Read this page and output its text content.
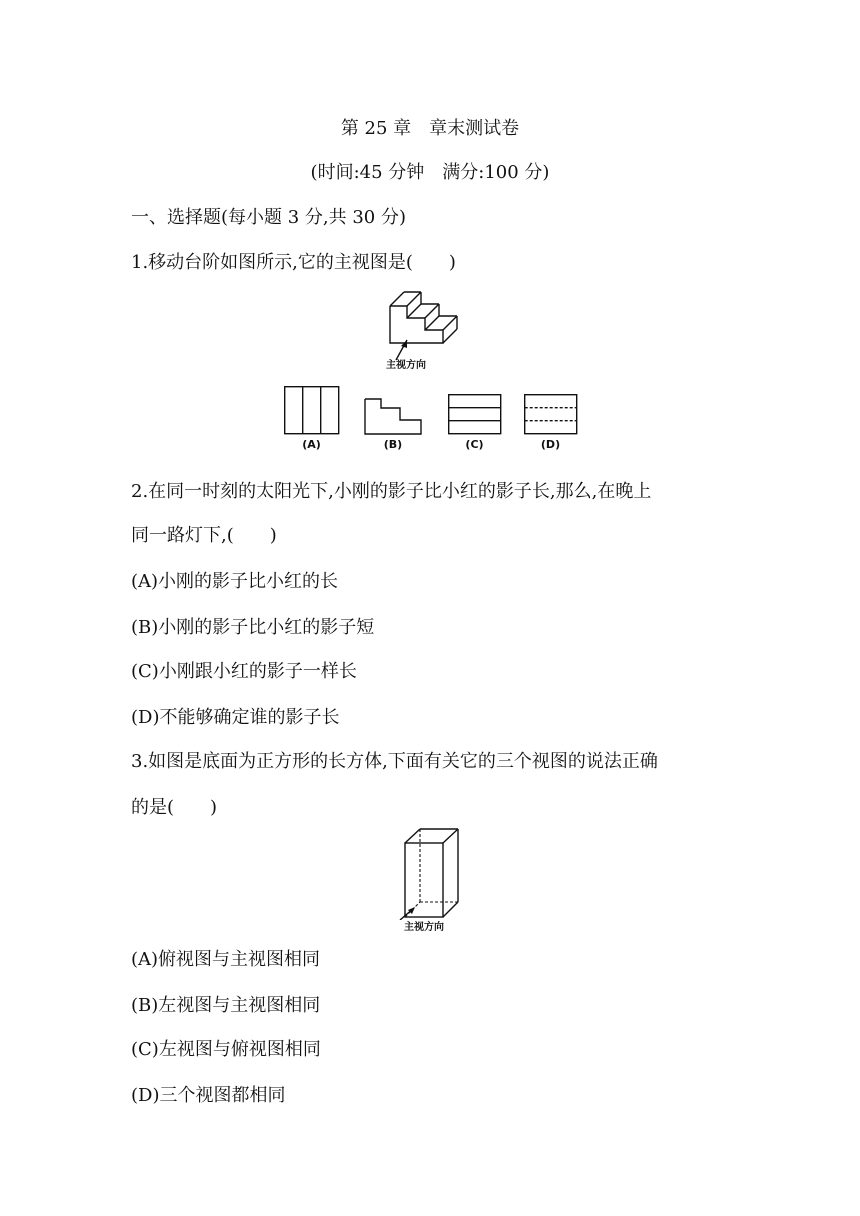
第 25 章　章末测试卷
(时间:45 分钟　满分:100 分)
一、选择题(每小题 3 分,共 30 分)
1.移动台阶如图所示,它的主视图是(　　)
主视方向
(A)	(B)	(C)	(D)
2.在同一时刻的太阳光下,小刚的影子比小红的影子长,那么,在晚上
同一路灯下,(　　)
(A)小刚的影子比小红的长
(B)小刚的影子比小红的影子短
(C)小刚跟小红的影子一样长
(D)不能够确定谁的影子长
3.如图是底面为正方形的长方体,下面有关它的三个视图的说法正确
的是(　　)
主视方向
(A)俯视图与主视图相同
(B)左视图与主视图相同
(C)左视图与俯视图相同
(D)三个视图都相同
